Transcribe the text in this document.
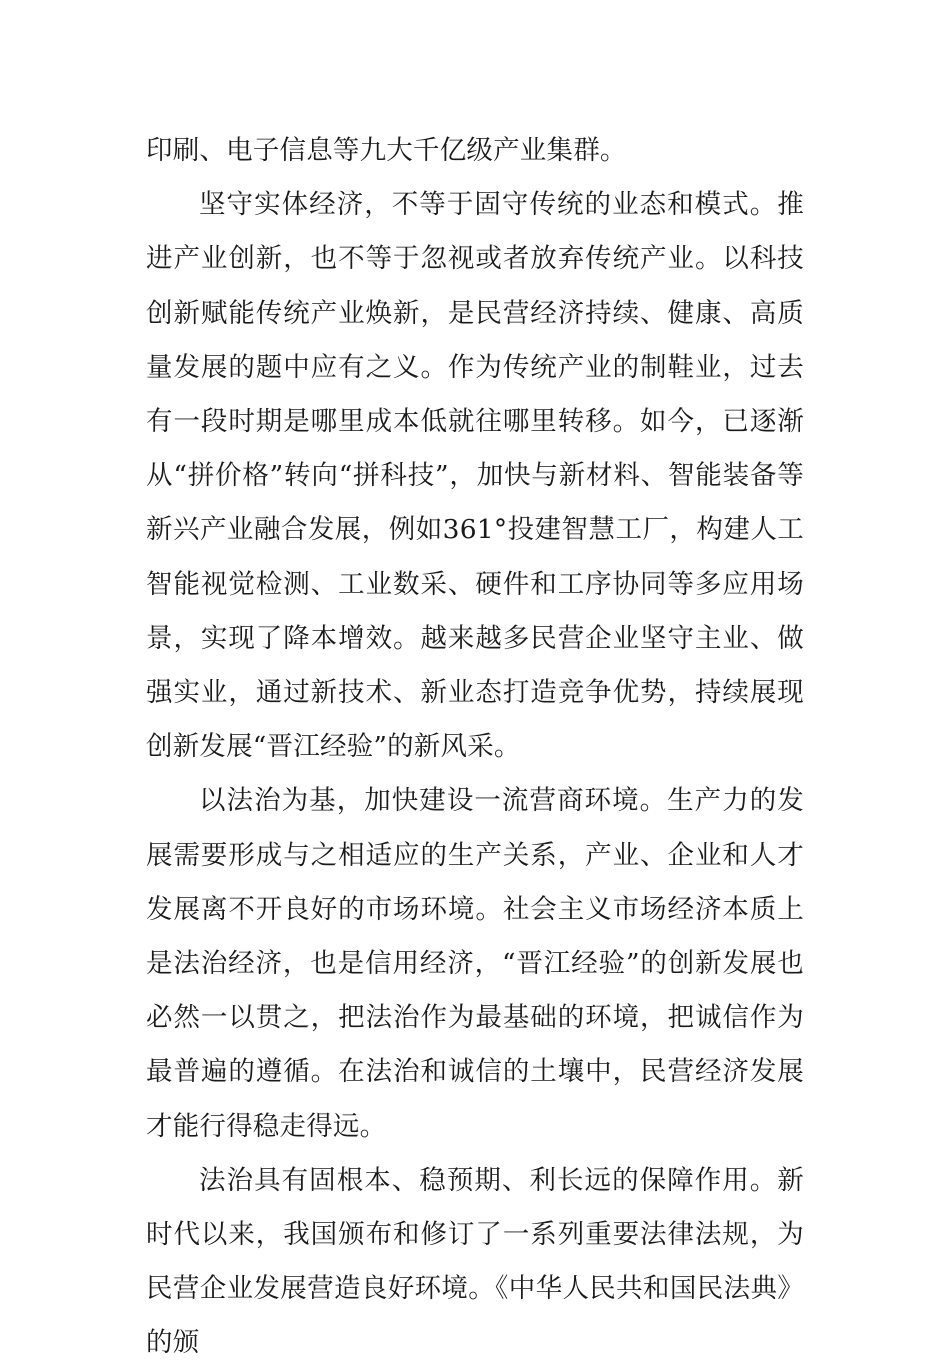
印刷、电子信息等九大千亿级产业集群。

坚守实体经济，不等于固守传统的业态和模式。推进产业创新，也不等于忽视或者放弃传统产业。以科技创新赋能传统产业焕新，是民营经济持续、健康、高质量发展的题中应有之义。作为传统产业的制鞋业，过去有一段时期是哪里成本低就往哪里转移。如今，已逐渐从“拼价格”转向“拼科技”，加快与新材料、智能装备等新兴产业融合发展，例如361°投建智慧工厂，构建人工智能视觉检测、工业数采、硬件和工序协同等多应用场景，实现了降本增效。越来越多民营企业坚守主业、做强实业，通过新技术、新业态打造竞争优势，持续展现创新发展“晋江经验”的新风采。

以法治为基，加快建设一流营商环境。生产力的发展需要形成与之相适应的生产关系，产业、企业和人才发展离不开良好的市场环境。社会主义市场经济本质上是法治经济，也是信用经济，“晋江经验”的创新发展也必然一以贯之，把法治作为最基础的环境，把诚信作为最普遍的遵循。在法治和诚信的土壤中，民营经济发展才能行得稳走得远。

法治具有固根本、稳预期、利长远的保障作用。新时代以来，我国颁布和修订了一系列重要法律法规，为民营企业发展营造良好环境。《中华人民共和国民法典》的颁
